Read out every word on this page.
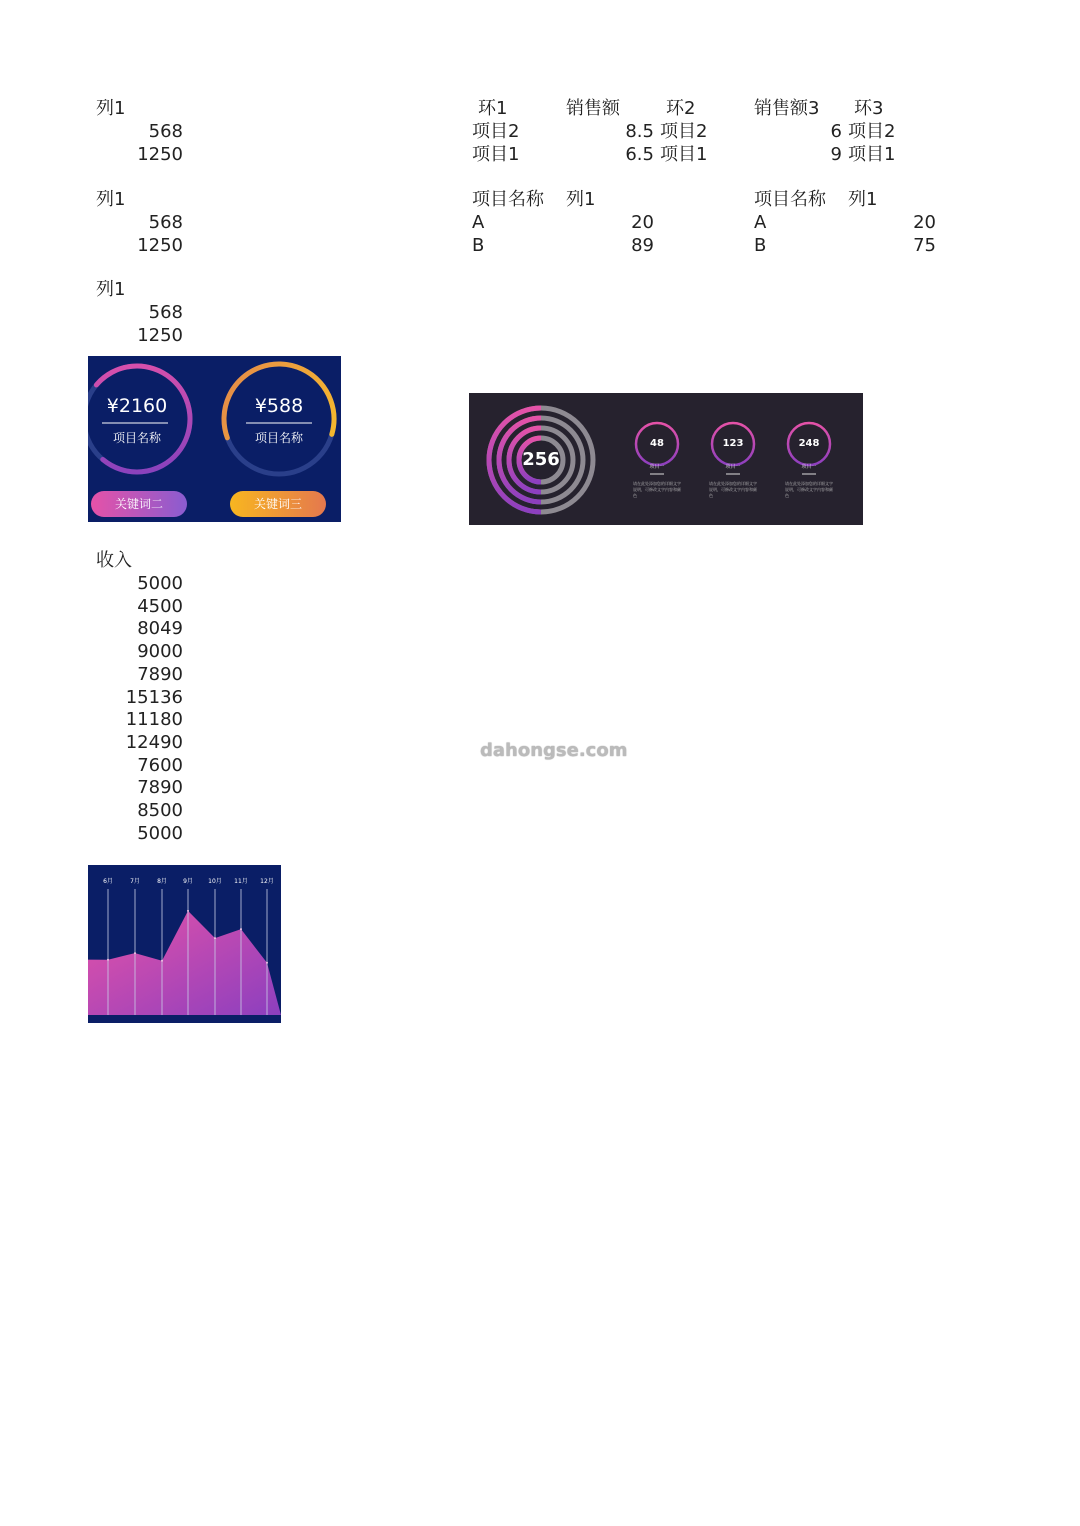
列1
568
1250
列1
568
1250
列1
568
1250
环1	销售额	环2	销售额3 环3
项目2	8.5 项目2	6 项目2
项目1	6.5 项目1	9 项目1
项目名称 列1
A	20
B	89
项目名称 列1
A	20
B	75
¥2160
项目名称
¥588
项目名称
关键词二	关键词三
256
48
项目一
请在此处添加您的详细文字说明，可修改文字内容和颜色
123
项目一
请在此处添加您的详细文字说明，可修改文字内容和颜色
248
项目一
请在此处添加您的详细文字说明，可修改文字内容和颜色
收入
5000
4500
8049
9000
7890
15136
11180
12490
7600
7890
8500
5000
dahongse.com
6月	7月	8月	9月	10月 11月 12月
